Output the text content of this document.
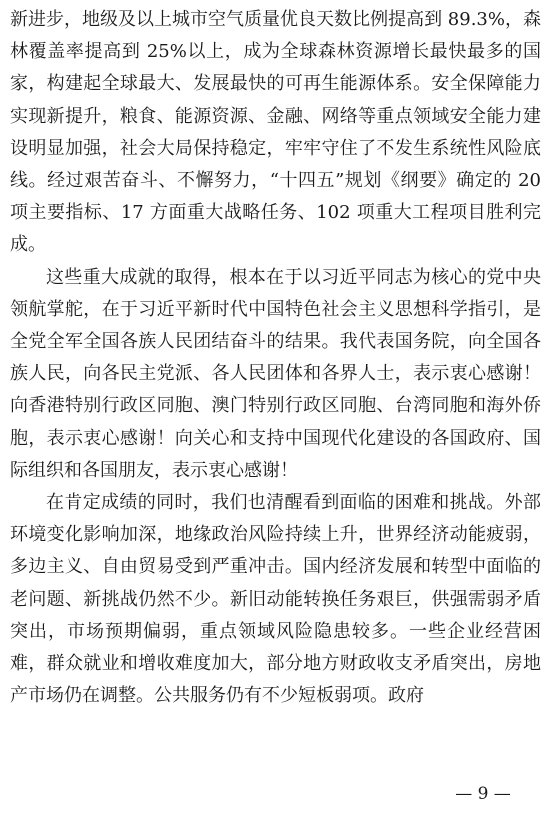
新进步，地级及以上城市空气质量优良天数比例提高到 89.3%，森林覆盖率提高到 25%以上，成为全球森林资源增长最快最多的国家，构建起全球最大、发展最快的可再生能源体系。安全保障能力实现新提升，粮食、能源资源、金融、网络等重点领域安全能力建设明显加强，社会大局保持稳定，牢牢守住了不发生系统性风险底线。经过艰苦奋斗、不懈努力，“十四五”规划《纲要》确定的 20 项主要指标、17 方面重大战略任务、102 项重大工程项目胜利完成。

这些重大成就的取得，根本在于以习近平同志为核心的党中央领航掌舵，在于习近平新时代中国特色社会主义思想科学指引，是全党全军全国各族人民团结奋斗的结果。我代表国务院，向全国各族人民，向各民主党派、各人民团体和各界人士，表示衷心感谢！向香港特别行政区同胞、澳门特别行政区同胞、台湾同胞和海外侨胞，表示衷心感谢！向关心和支持中国现代化建设的各国政府、国际组织和各国朋友，表示衷心感谢！

在肯定成绩的同时，我们也清醒看到面临的困难和挑战。外部环境变化影响加深，地缘政治风险持续上升，世界经济动能疲弱，多边主义、自由贸易受到严重冲击。国内经济发展和转型中面临的老问题、新挑战仍然不少。新旧动能转换任务艰巨，供强需弱矛盾突出，市场预期偏弱，重点领域风险隐患较多。一些企业经营困难，群众就业和增收难度加大，部分地方财政收支矛盾突出，房地产市场仍在调整。公共服务仍有不少短板弱项。政府

— 9 —
